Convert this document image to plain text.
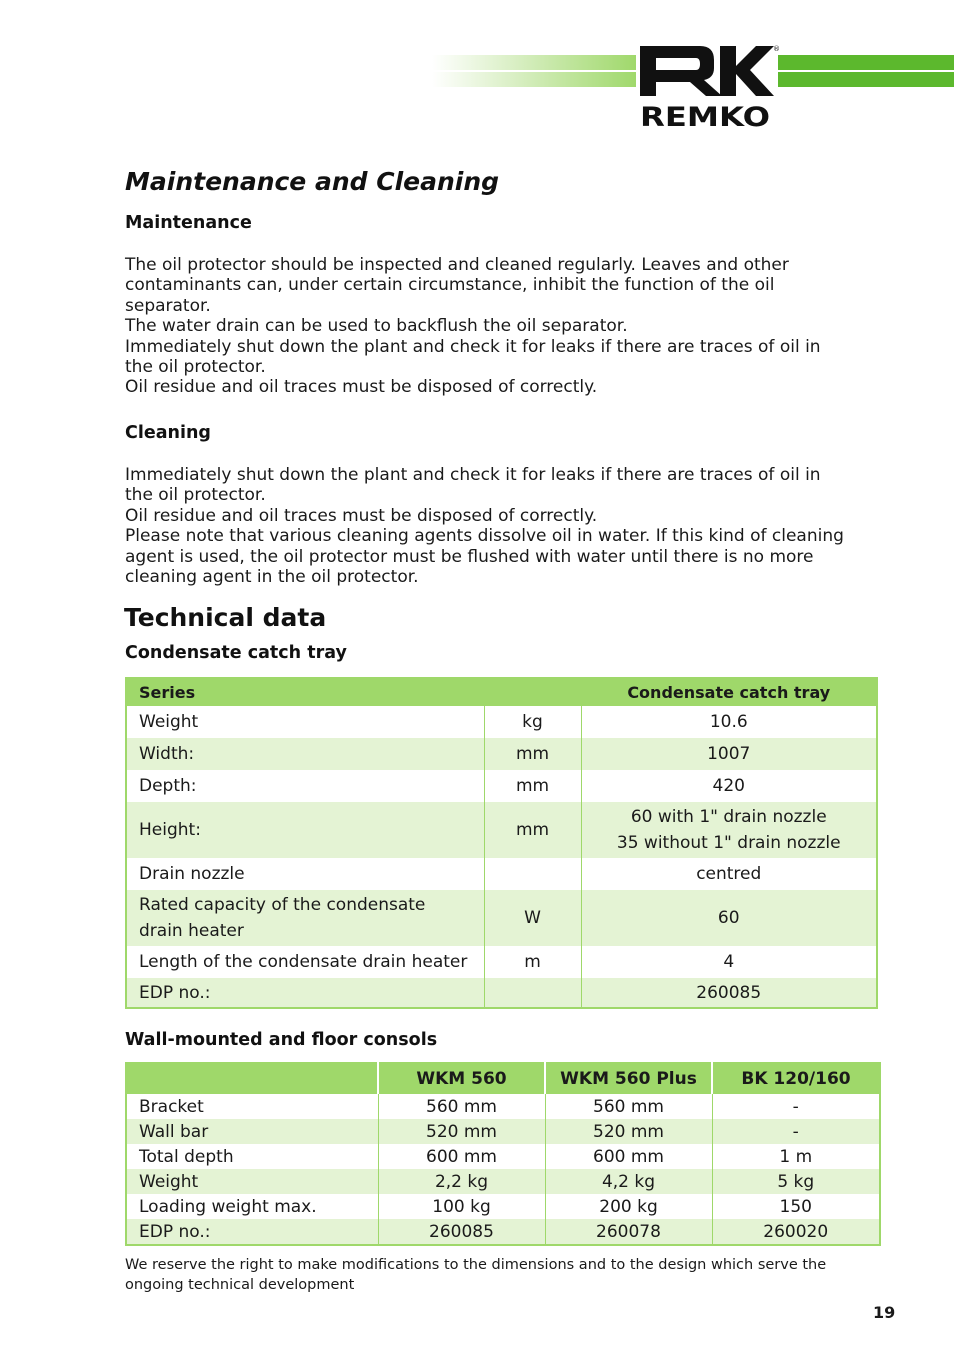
®
REMKO
Maintenance and Cleaning
Maintenance
The oil protector should be inspected and cleaned regularly. Leaves and other
contaminants can, under certain circumstance, inhibit the function of the oil
separator.
The water drain can be used to backflush the oil separator.
Immediately shut down the plant and check it for leaks if there are traces of oil in
the oil protector.
Oil residue and oil traces must be disposed of correctly.
Cleaning
Immediately shut down the plant and check it for leaks if there are traces of oil in
the oil protector.
Oil residue and oil traces must be disposed of correctly.
Please note that various cleaning agents dissolve oil in water. If this kind of cleaning
agent is used, the oil protector must be flushed with water until there is no more
cleaning agent in the oil protector.
Technical data
Condensate catch tray
Series		Condensate catch tray
Weight	kg	10.6
Width:	mm	1007
Depth:	mm	420
Height:	mm	60 with 1" drain nozzle
35 without 1" drain nozzle

Drain nozzle		centred

Rated capacity of the condensate
drain heater	W	60
Length of the condensate drain heater	m	4
EDP no.:		260085
Wall-mounted and floor consols
	WKM 560	WKM 560 Plus	BK 120/160
Bracket	560 mm	560 mm	-
Wall bar	520 mm	520 mm	-
Total depth	600 mm	600 mm	1 m
Weight	2,2 kg	4,2 kg	5 kg
Loading weight max.	100 kg	200 kg	150
EDP no.:	260085	260078	260020
We reserve the right to make modifications to the dimensions and to the design which serve the
ongoing technical development
19
